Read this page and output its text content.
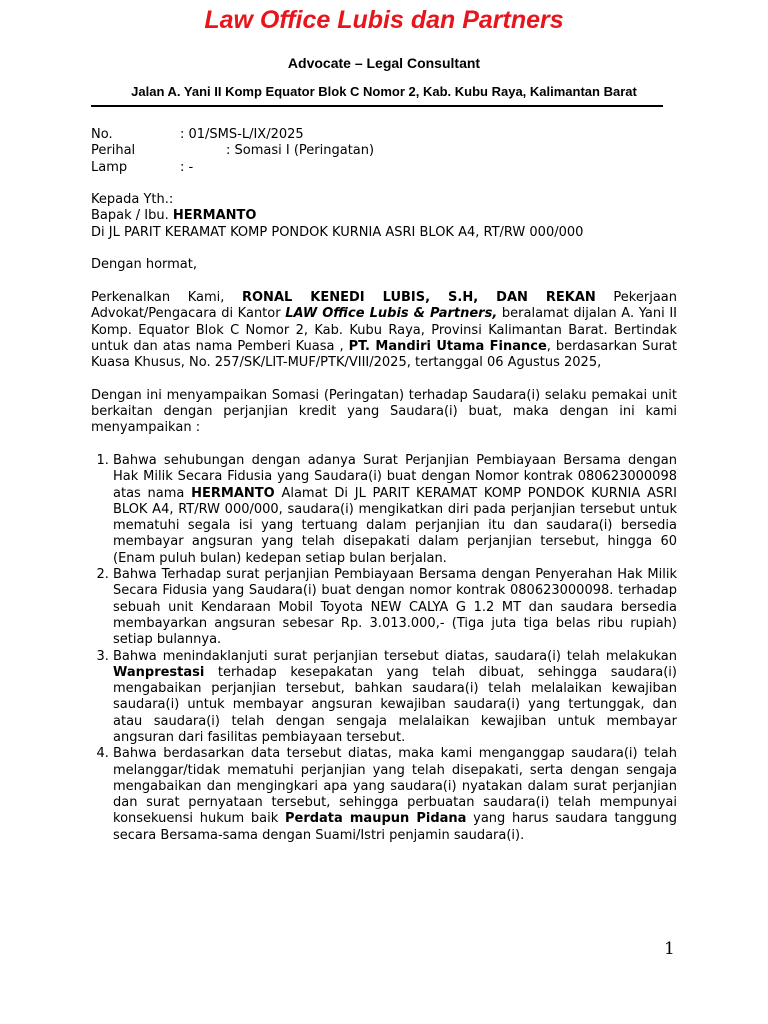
Law Office Lubis dan Partners
Advocate – Legal Consultant
Jalan A. Yani II Komp Equator Blok C Nomor 2, Kab. Kubu Raya, Kalimantan Barat
No.	: 01/SMS-L/IX/2025
Perihal	: Somasi I (Peringatan)
Lamp	: -
Kepada Yth.:
Bapak / Ibu. HERMANTO
Di JL PARIT KERAMAT KOMP PONDOK KURNIA ASRI BLOK A4, RT/RW 000/000
Dengan hormat,
Perkenalkan Kami, RONAL KENEDI LUBIS, S.H, DAN REKAN Pekerjaan Advokat/Pengacara di Kantor LAW Office Lubis & Partners, beralamat dijalan A. Yani II Komp. Equator Blok C Nomor 2, Kab. Kubu Raya, Provinsi Kalimantan Barat. Bertindak untuk dan atas nama Pemberi Kuasa , PT. Mandiri Utama Finance, berdasarkan Surat Kuasa Khusus, No. 257/SK/LIT-MUF/PTK/VIII/2025, tertanggal 06 Agustus 2025,
Dengan ini menyampaikan Somasi (Peringatan) terhadap Saudara(i) selaku pemakai unit berkaitan dengan perjanjian kredit yang Saudara(i) buat, maka dengan ini kami menyampaikan :
1. Bahwa sehubungan dengan adanya Surat Perjanjian Pembiayaan Bersama dengan Hak Milik Secara Fidusia yang Saudara(i) buat dengan Nomor kontrak 080623000098 atas nama HERMANTO Alamat Di JL PARIT KERAMAT KOMP PONDOK KURNIA ASRI BLOK A4, RT/RW 000/000, saudara(i) mengikatkan diri pada perjanjian tersebut untuk mematuhi segala isi yang tertuang dalam perjanjian itu dan saudara(i) bersedia membayar angsuran yang telah disepakati dalam perjanjian tersebut, hingga 60 (Enam puluh bulan) kedepan setiap bulan berjalan.
2. Bahwa Terhadap surat perjanjian Pembiayaan Bersama dengan Penyerahan Hak Milik Secara Fidusia yang Saudara(i) buat dengan nomor kontrak 080623000098. terhadap sebuah unit Kendaraan Mobil Toyota NEW CALYA G 1.2 MT dan saudara bersedia membayarkan angsuran sebesar Rp. 3.013.000,- (Tiga juta tiga belas ribu rupiah) setiap bulannya.
3. Bahwa menindaklanjuti surat perjanjian tersebut diatas, saudara(i) telah melakukan Wanprestasi terhadap kesepakatan yang telah dibuat, sehingga saudara(i) mengabaikan perjanjian tersebut, bahkan saudara(i) telah melalaikan kewajiban saudara(i) untuk membayar angsuran kewajiban saudara(i) yang tertunggak, dan atau saudara(i) telah dengan sengaja melalaikan kewajiban untuk membayar angsuran dari fasilitas pembiayaan tersebut.
4. Bahwa berdasarkan data tersebut diatas, maka kami menganggap saudara(i) telah melanggar/tidak mematuhi perjanjian yang telah disepakati, serta dengan sengaja mengabaikan dan mengingkari apa yang saudara(i) nyatakan dalam surat perjanjian dan surat pernyataan tersebut, sehingga perbuatan saudara(i) telah mempunyai konsekuensi hukum baik Perdata maupun Pidana yang harus saudara tanggung secara Bersama-sama dengan Suami/Istri penjamin saudara(i).
1
